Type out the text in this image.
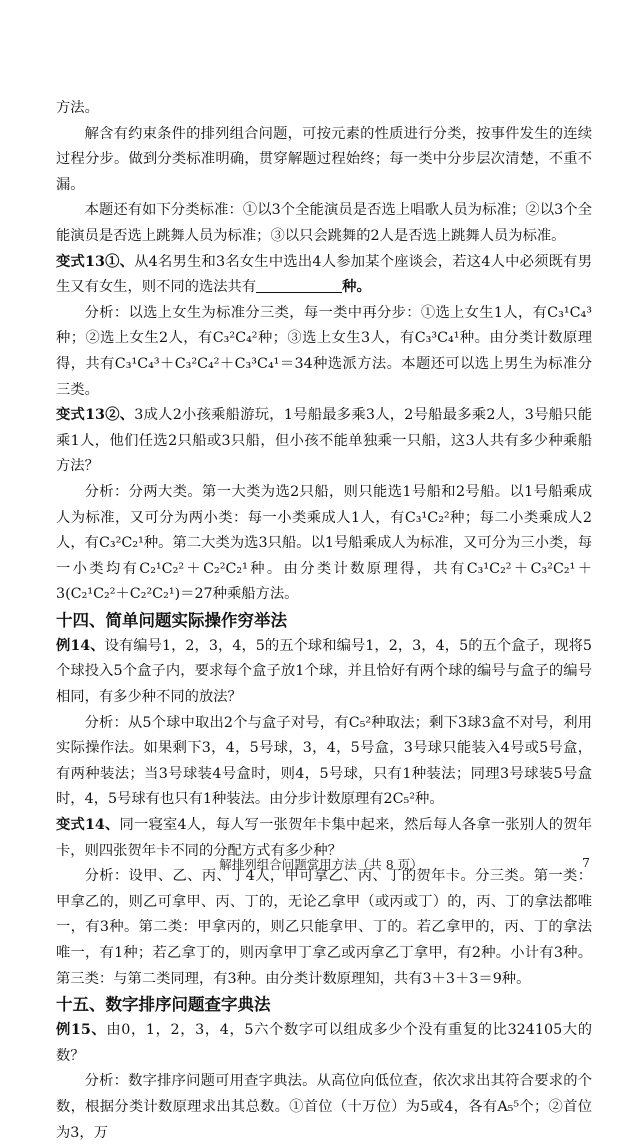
方法。

解含有约束条件的排列组合问题，可按元素的性质进行分类，按事件发生的连续过程分步。做到分类标准明确，贯穿解题过程始终；每一类中分步层次清楚，不重不漏。

本题还有如下分类标准：①以3个全能演员是否选上唱歌人员为标准；②以3个全能演员是否选上跳舞人员为标准；③以只会跳舞的2人是否选上跳舞人员为标准。

变式13①、从4名男生和3名女生中选出4人参加某个座谈会，若这4人中必须既有男生又有女生，则不同的选法共有	种。

分析：以选上女生为标准分三类，每一类中再分步：①选上女生1人，有C₃¹C₄³种；②选上女生2人，有C₃²C₄²种；③选上女生3人，有C₃³C₄¹种。由分类计数原理得，共有C₃¹C₄³＋C₃²C₄²＋C₃³C₄¹＝34种选派方法。本题还可以选上男生为标准分三类。

变式13②、3成人2小孩乘船游玩，1号船最多乘3人，2号船最多乘2人，3号船只能乘1人，他们任选2只船或3只船，但小孩不能单独乘一只船，这3人共有多少种乘船方法？

分析：分两大类。第一大类为选2只船，则只能选1号船和2号船。以1号船乘成人为标准，又可分为两小类：每一小类乘成人1人，有C₃¹C₂²种；每二小类乘成人2人，有C₃²C₂¹种。第二大类为选3只船。以1号船乘成人为标准，又可分为三小类，每一小类均有C₂¹C₂²＋C₂²C₂¹种。由分类计数原理得，共有C₃¹C₂²＋C₃²C₂¹＋3(C₂¹C₂²＋C₂²C₂¹)＝27种乘船方法。

十四、简单问题实际操作穷举法

例14、设有编号1，2，3，4，5的五个球和编号1，2，3，4，5的五个盒子，现将5个球投入5个盒子内，要求每个盒子放1个球，并且恰好有两个球的编号与盒子的编号相同，有多少种不同的放法？

分析：从5个球中取出2个与盒子对号，有C₅²种取法；剩下3球3盒不对号，利用实际操作法。如果剩下3，4，5号球，3，4，5号盒，3号球只能装入4号或5号盒，有两种装法；当3号球装4号盒时，则4，5号球，只有1种装法；同理3号球装5号盒时，4，5号球有也只有1种装法。由分步计数原理有2C₅²种。

变式14、同一寝室4人，每人写一张贺年卡集中起来，然后每人各拿一张别人的贺年卡，则四张贺年卡不同的分配方式有多少种？

分析：设甲、乙、丙、丁4人，甲可拿乙、丙、丁的贺年卡。分三类。第一类：甲拿乙的，则乙可拿甲、丙、丁的，无论乙拿甲（或丙或丁）的，丙、丁的拿法都唯一，有3种。第二类：甲拿丙的，则乙只能拿甲、丁的。若乙拿甲的，丙、丁的拿法唯一，有1种；若乙拿丁的，则丙拿甲丁拿乙或丙拿乙丁拿甲，有2种。小计有3种。第三类：与第二类同理，有3种。由分类计数原理知，共有3＋3＋3＝9种。

十五、数字排序问题查字典法

例15、由0，1，2，3，4，5六个数字可以组成多少个没有重复的比324105大的数？

分析：数字排序问题可用查字典法。从高位向低位查，依次求出其符合要求的个数，根据分类计数原理求出其总数。①首位（十万位）为5或4，各有A₅⁵个；②首位为3，万

解排列组合问题常用方法（共 8 页）	7
